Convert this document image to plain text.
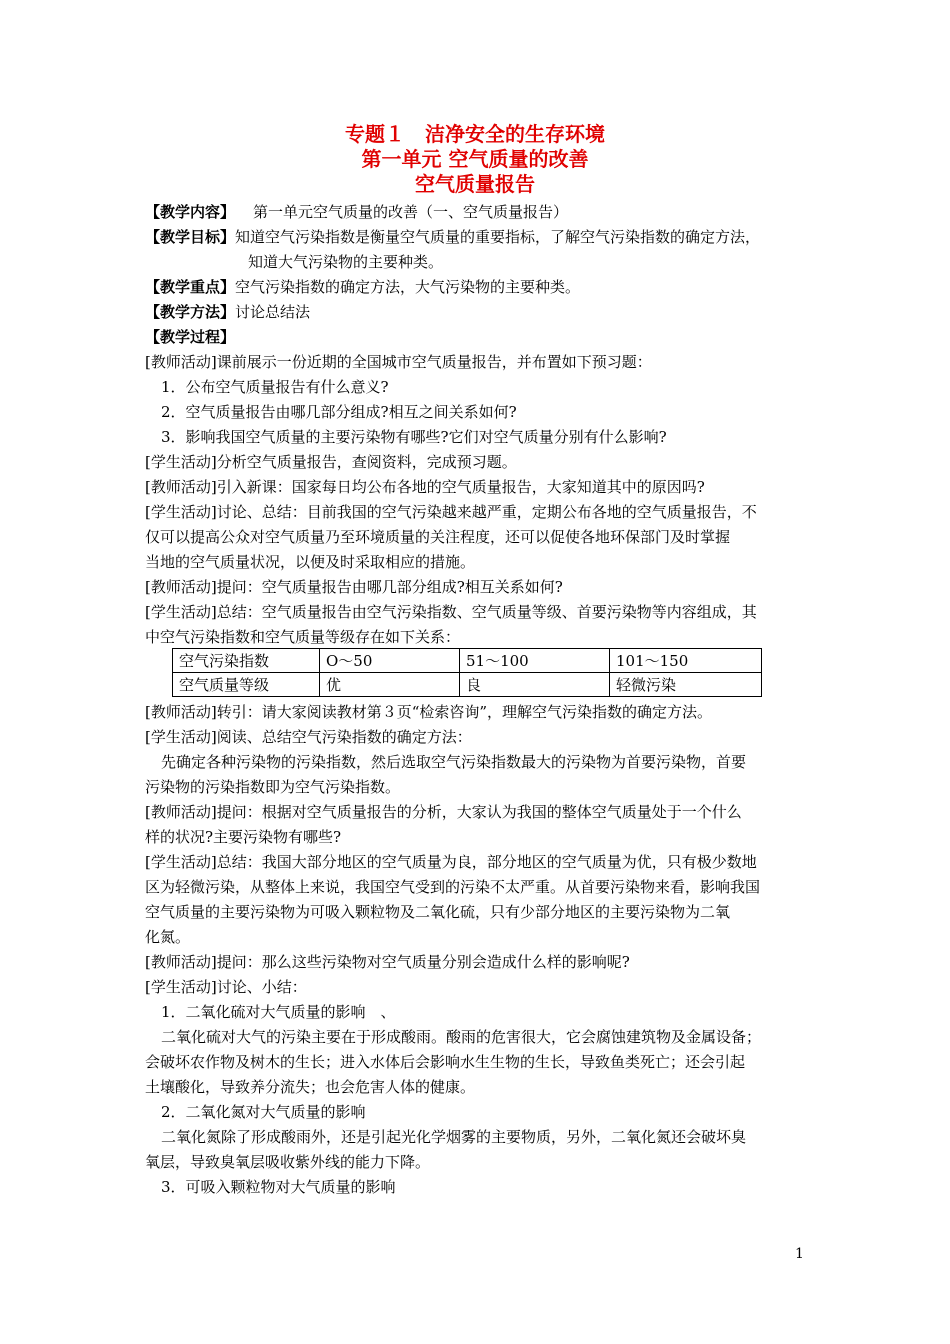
专题１　洁净安全的生存环境
第一单元 空气质量的改善
空气质量报告
【教学内容】 第一单元空气质量的改善（一、空气质量报告）
【教学目标】知道空气污染指数是衡量空气质量的重要指标，了解空气污染指数的确定方法，
知道大气污染物的主要种类。
【教学重点】空气污染指数的确定方法，大气污染物的主要种类。
【教学方法】讨论总结法
【教学过程】
[教师活动]课前展示一份近期的全国城市空气质量报告，并布置如下预习题：
1．公布空气质量报告有什么意义?
2．空气质量报告由哪几部分组成?相互之间关系如何?
3．影响我国空气质量的主要污染物有哪些?它们对空气质量分别有什么影响?
[学生活动]分析空气质量报告，查阅资料，完成预习题。
[教师活动]引入新课：国家每日均公布各地的空气质量报告，大家知道其中的原因吗?
[学生活动]讨论、总结：目前我国的空气污染越来越严重，定期公布各地的空气质量报告，不
仅可以提高公众对空气质量乃至环境质量的关注程度，还可以促使各地环保部门及时掌握
当地的空气质量状况，以便及时采取相应的措施。
[教师活动]提问：空气质量报告由哪几部分组成?相互关系如何?
[学生活动]总结：空气质量报告由空气污染指数、空气质量等级、首要污染物等内容组成，其
中空气污染指数和空气质量等级存在如下关系：
[教师活动]转引：请大家阅读教材第３页“检索咨询”，理解空气污染指数的确定方法。
[学生活动]阅读、总结空气污染指数的确定方法：
先确定各种污染物的污染指数，然后选取空气污染指数最大的污染物为首要污染物，首要
污染物的污染指数即为空气污染指数。
[教师活动]提问：根据对空气质量报告的分析，大家认为我国的整体空气质量处于一个什么
样的状况?主要污染物有哪些?
[学生活动]总结：我国大部分地区的空气质量为良，部分地区的空气质量为优，只有极少数地
区为轻微污染，从整体上来说，我国空气受到的污染不太严重。从首要污染物来看，影响我国
空气质量的主要污染物为可吸入颗粒物及二氧化硫，只有少部分地区的主要污染物为二氧
化氮。
[教师活动]提问：那么这些污染物对空气质量分别会造成什么样的影响呢?
[学生活动]讨论、小结：
1．二氧化硫对大气质量的影响　、
二氧化硫对大气的污染主要在于形成酸雨。酸雨的危害很大，它会腐蚀建筑物及金属设备；
会破坏农作物及树木的生长；进入水体后会影响水生生物的生长，导致鱼类死亡；还会引起
土壤酸化，导致养分流失；也会危害人体的健康。
2．二氧化氮对大气质量的影响
二氧化氮除了形成酸雨外，还是引起光化学烟雾的主要物质，另外，二氧化氮还会破坏臭
氧层，导致臭氧层吸收紫外线的能力下降。
3．可吸入颗粒物对大气质量的影响
空气污染指数	O～50	51～100	101～150
空气质量等级	优	良	轻微污染
1
